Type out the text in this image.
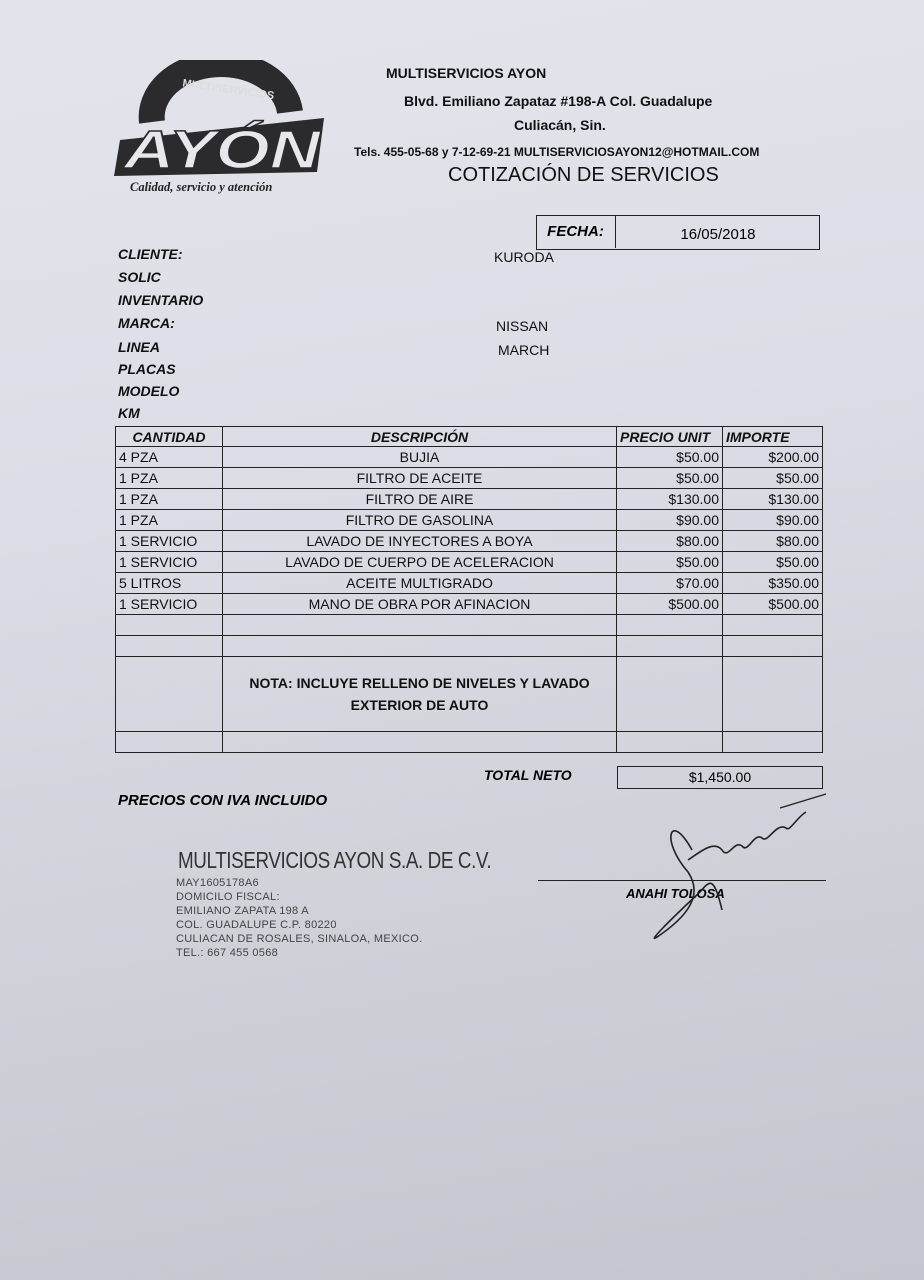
MULTISERVICIOS
AYÓN
Calidad, servicio y atención
MULTISERVICIOS AYON
Blvd. Emiliano Zapataz #198-A Col. Guadalupe
Culiacán, Sin.
Tels. 455-05-68 y 7-12-69-21 MULTISERVICIOSAYON12@HOTMAIL.COM
COTIZACIÓN DE SERVICIOS
FECHA:	16/05/2018
CLIENTE:	KURODA
SOLIC
INVENTARIO
MARCA:	NISSAN
LINEA	MARCH
PLACAS
MODELO
KM
CANTIDAD	DESCRIPCIÓN	PRECIO UNIT	IMPORTE
4 PZA	BUJIA	$50.00	$200.00
1 PZA	FILTRO DE ACEITE	$50.00	$50.00
1 PZA	FILTRO DE AIRE	$130.00	$130.00
1 PZA	FILTRO DE GASOLINA	$90.00	$90.00
1 SERVICIO	LAVADO DE INYECTORES A BOYA	$80.00	$80.00
1 SERVICIO	LAVADO DE CUERPO DE ACELERACION	$50.00	$50.00
5 LITROS	ACEITE MULTIGRADO	$70.00	$350.00
1 SERVICIO	MANO DE OBRA POR AFINACION	$500.00	$500.00

	NOTA: INCLUYE RELLENO DE NIVELES Y LAVADO
EXTERIOR DE AUTO		

TOTAL NETO	$1,450.00
PRECIOS CON IVA INCLUIDO
MULTISERVICIOS AYON S.A. DE C.V.
MAY1605178A6
DOMICILO FISCAL:
EMILIANO ZAPATA 198 A
COL. GUADALUPE C.P. 80220
CULIACAN DE ROSALES, SINALOA, MEXICO.
TEL.: 667 455 0568
ANAHI TOLOSA
